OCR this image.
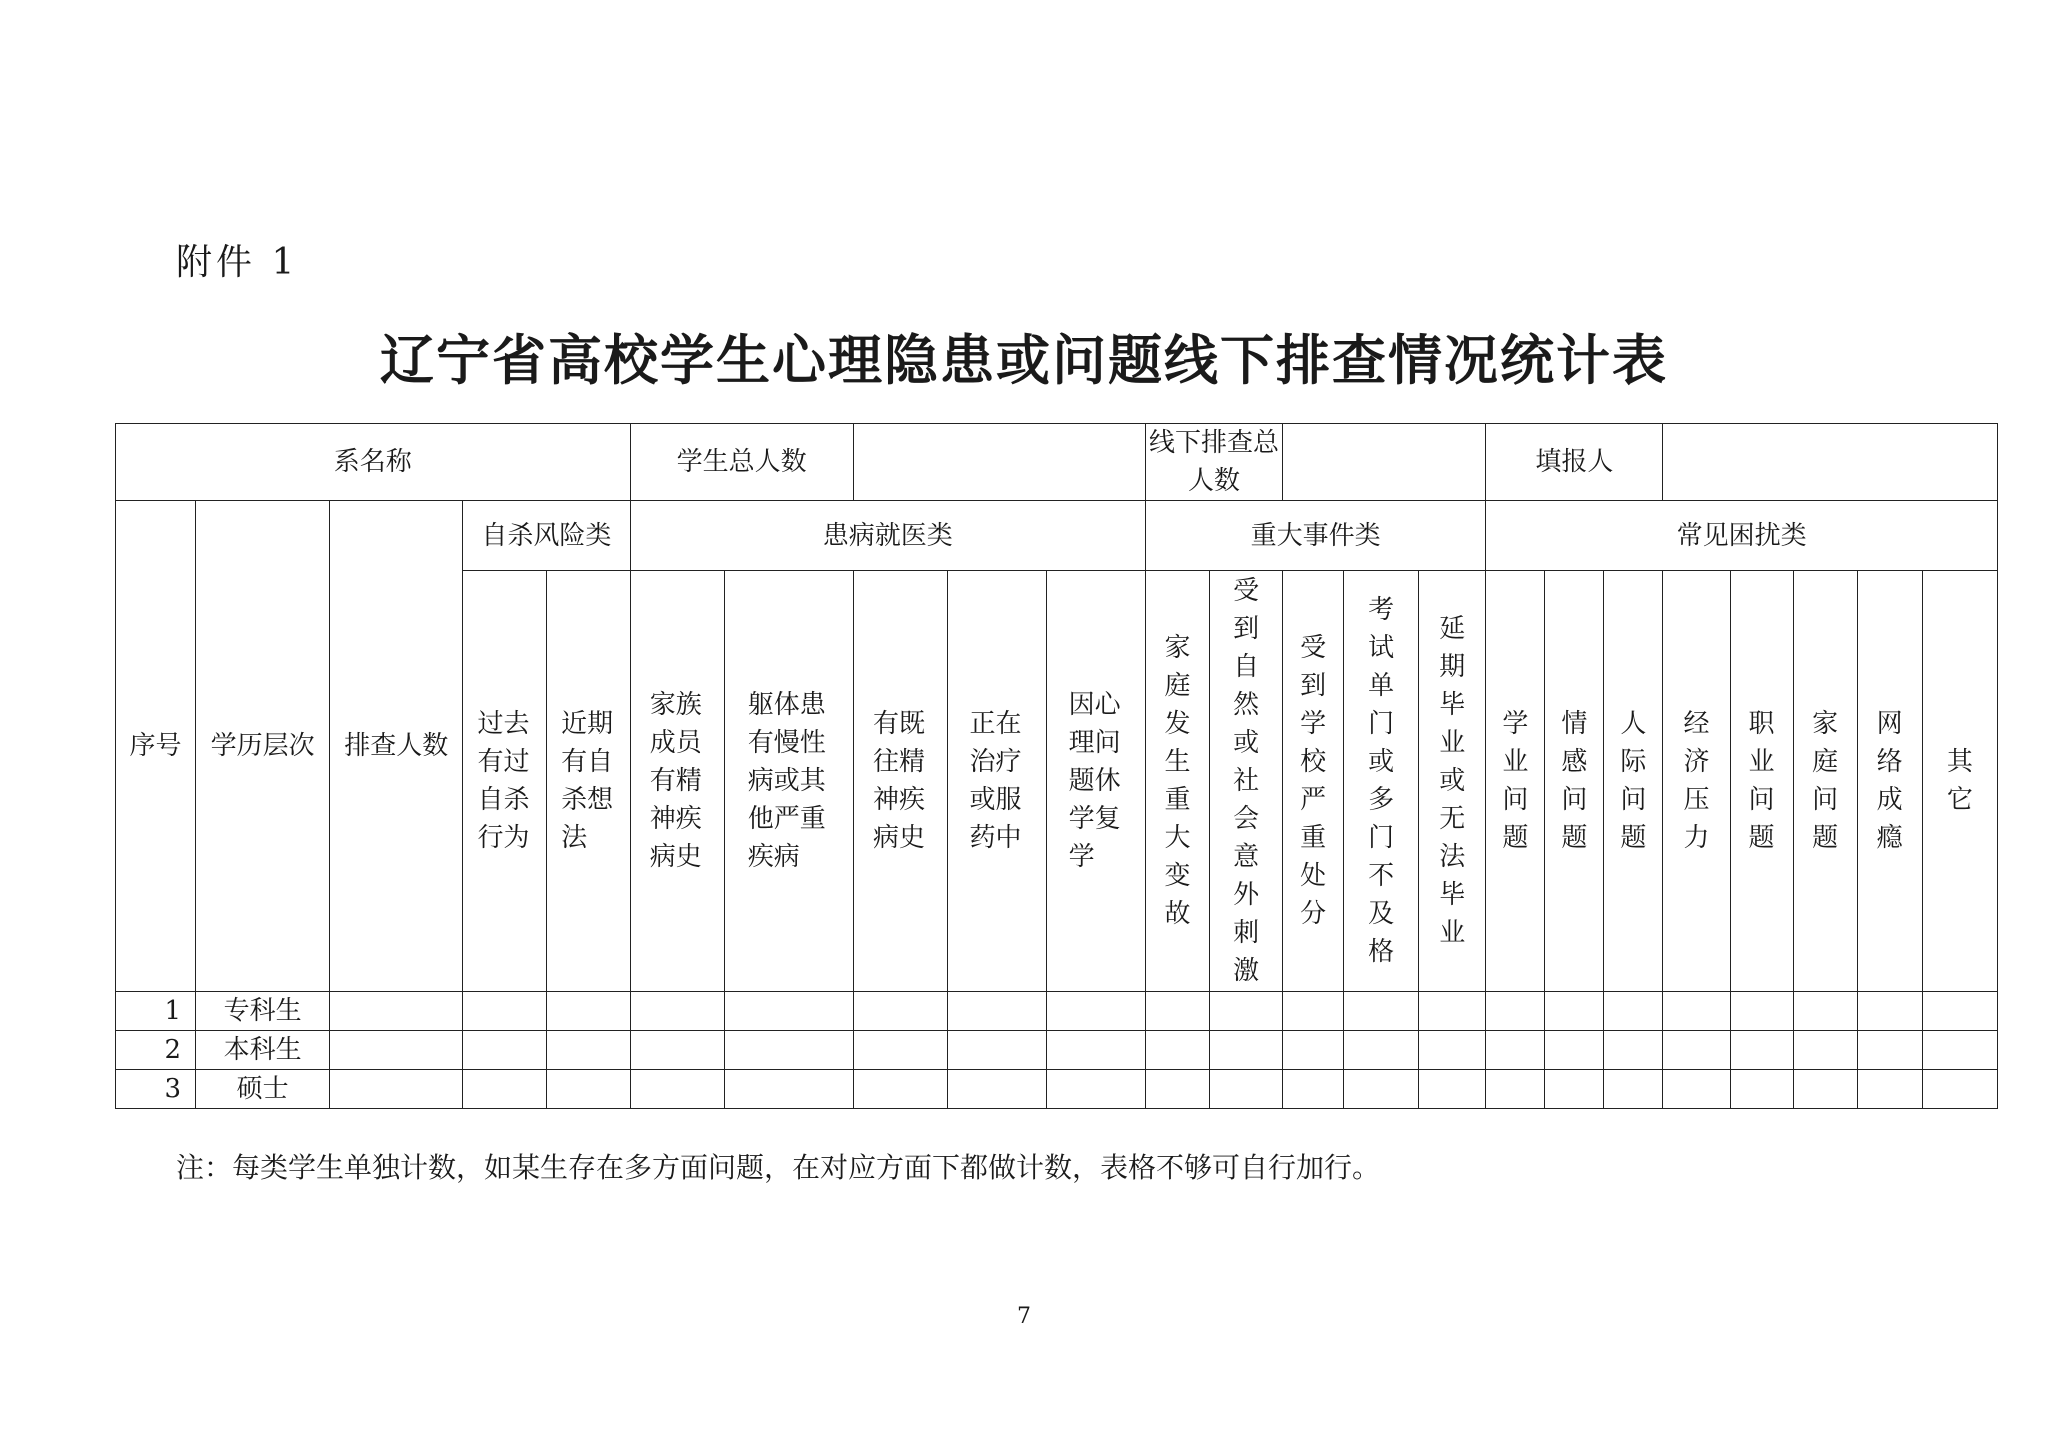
附件 1
辽宁省高校学生心理隐患或问题线下排查情况统计表
系名称					学生总人数					线下排查总人数					填报人							
序号	学历层次	排查人数	自杀风险类		患病就医类					重大事件类					常见困扰类							
			过去有过自杀行为	近期有自杀想法	家族成员有精神疾病史	躯体患有慢性病或其他严重疾病	有既往精神疾病史	正在治疗或服药中	因心理问题休学复学	家庭发生重大变故	受到自然或社会意外刺激	受到学校严重处分	考试单门或多门不及格	延期毕业或无法毕业	学业问题	情感问题	人际问题	经济压力	职业问题	家庭问题	网络成瘾	其它
1	专科生																					
2	本科生																					
3	硕士																					
注：每类学生单独计数，如某生存在多方面问题，在对应方面下都做计数，表格不够可自行加行。
7
